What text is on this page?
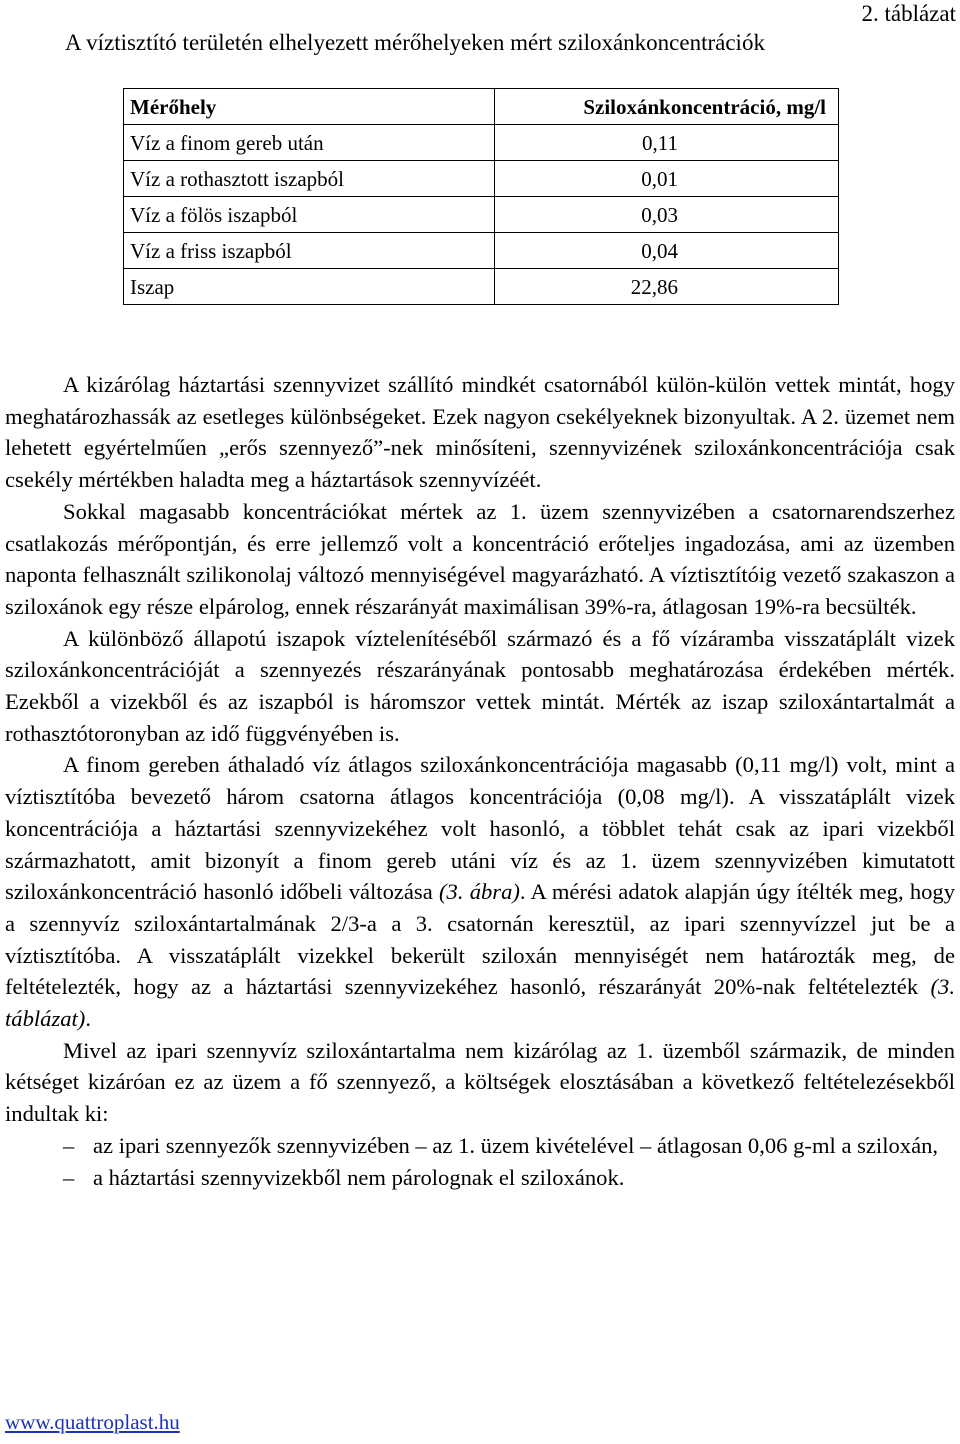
2. táblázat
A víztisztító területén elhelyezett mérőhelyeken mért sziloxánkoncentrációk
Mérőhely	Sziloxánkoncentráció, mg/l
Víz a finom gereb után	0,11
Víz a rothasztott iszapból	0,01
Víz a fölös iszapból	0,03
Víz a friss iszapból	0,04
Iszap	22,86

A kizárólag háztartási szennyvizet szállító mindkét csatornából külön-külön vettek mintát, hogy meghatározhassák az esetleges különbségeket. Ezek nagyon csekélyeknek bizonyultak. A 2. üzemet nem lehetett egyértelműen „erős szennyező”-nek minősíteni, szennyvizének sziloxánkoncentrációja csak csekély mértékben haladta meg a háztartások szennyvízéét.

Sokkal magasabb koncentrációkat mértek az 1. üzem szennyvizében a csatornarendszerhez csatlakozás mérőpontján, és erre jellemző volt a koncentráció erőteljes ingadozása, ami az üzemben naponta felhasznált szilikonolaj változó mennyiségével magyarázható. A víztisztítóig vezető szakaszon a sziloxánok egy része elpárolog, ennek részarányát maximálisan 39%-ra, átlagosan 19%-ra becsülték.

A különböző állapotú iszapok víztelenítéséből származó és a fő vízáramba visszatáplált vizek sziloxánkoncentrációját a szennyezés részarányának pontosabb meghatározása érdekében mérték. Ezekből a vizekből és az iszapból is háromszor vettek mintát. Mérték az iszap sziloxántartalmát a rothasztótoronyban az idő függvényében is.

A finom gereben áthaladó víz átlagos sziloxánkoncentrációja magasabb (0,11 mg/l) volt, mint a víztisztítóba bevezető három csatorna átlagos koncentrációja (0,08 mg/l). A visszatáplált vizek koncentrációja a háztartási szennyvizekéhez volt hasonló, a többlet tehát csak az ipari vizekből származhatott, amit bizonyít a finom gereb utáni víz és az 1. üzem szennyvizében kimutatott sziloxánkoncentráció hasonló időbeli változása (3. ábra). A mérési adatok alapján úgy ítélték meg, hogy a szennyvíz sziloxántartalmának 2/3-a a 3. csatornán keresztül, az ipari szennyvízzel jut be a víztisztítóba. A visszatáplált vizekkel bekerült sziloxán mennyiségét nem határozták meg, de feltételezték, hogy az a háztartási szennyvizekéhez hasonló, részarányát 20%-nak feltételezték (3. táblázat).

Mivel az ipari szennyvíz sziloxántartalma nem kizárólag az 1. üzemből származik, de minden kétséget kizáróan ez az üzem a fő szennyező, a költségek elosztásában a következő feltételezésekből indultak ki:

– az ipari szennyezők szennyvizében – az 1. üzem kivételével – átlagosan 0,06 g-ml a sziloxán,
– a háztartási szennyvizekből nem párolognak el sziloxánok.
www.quattroplast.hu
